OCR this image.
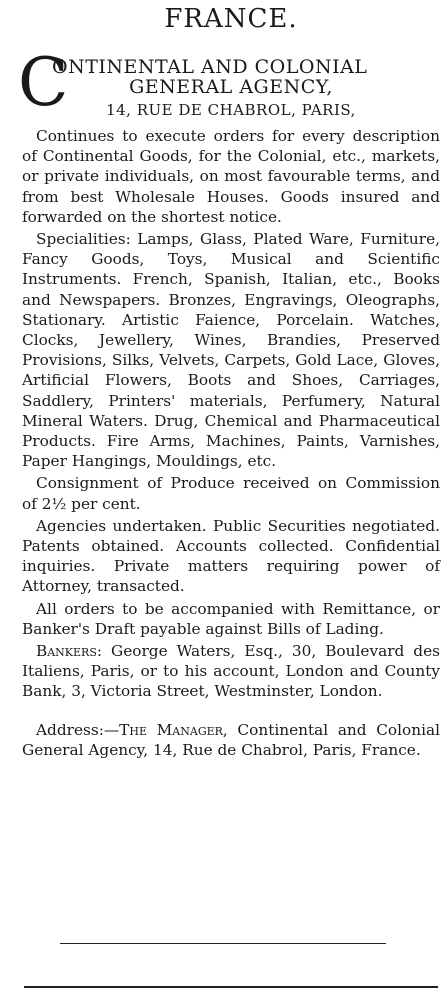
FRANCE.
C
ONTINENTAL AND COLONIAL
GENERAL AGENCY,
14, RUE DE CHABROL, PARIS,

Continues to execute orders for every description of Continental Goods, for the Colonial, etc., markets, or private individuals, on most favourable terms, and from best Wholesale Houses. Goods insured and forwarded on the shortest notice.

Specialities: Lamps, Glass, Plated Ware, Furniture, Fancy Goods, Toys, Musical and Scientific Instruments. French, Spanish, Italian, etc., Books and Newspapers. Bronzes, Engravings, Oleographs, Stationary. Artistic Faience, Porcelain. Watches, Clocks, Jewellery, Wines, Brandies, Preserved Provisions, Silks, Velvets, Carpets, Gold Lace, Gloves, Artificial Flowers, Boots and Shoes, Carriages, Saddlery, Printers' materials, Perfumery, Natural Mineral Waters. Drug, Chemical and Pharmaceutical Products. Fire Arms, Machines, Paints, Varnishes, Paper Hangings, Mouldings, etc.

Consignment of Produce received on Commission of 2½ per cent.

Agencies undertaken. Public Securities negotiated. Patents obtained. Accounts collected. Confidential inquiries. Private matters requiring power of Attorney, transacted.

All orders to be accompanied with Remittance, or Banker's Draft payable against Bills of Lading.

Bankers: George Waters, Esq., 30, Boulevard des Italiens, Paris, or to his account, London and County Bank, 3, Victoria Street, Westminster, London.

Address:—The Manager, Continental and Colonial General Agency, 14, Rue de Chabrol, Paris, France.
